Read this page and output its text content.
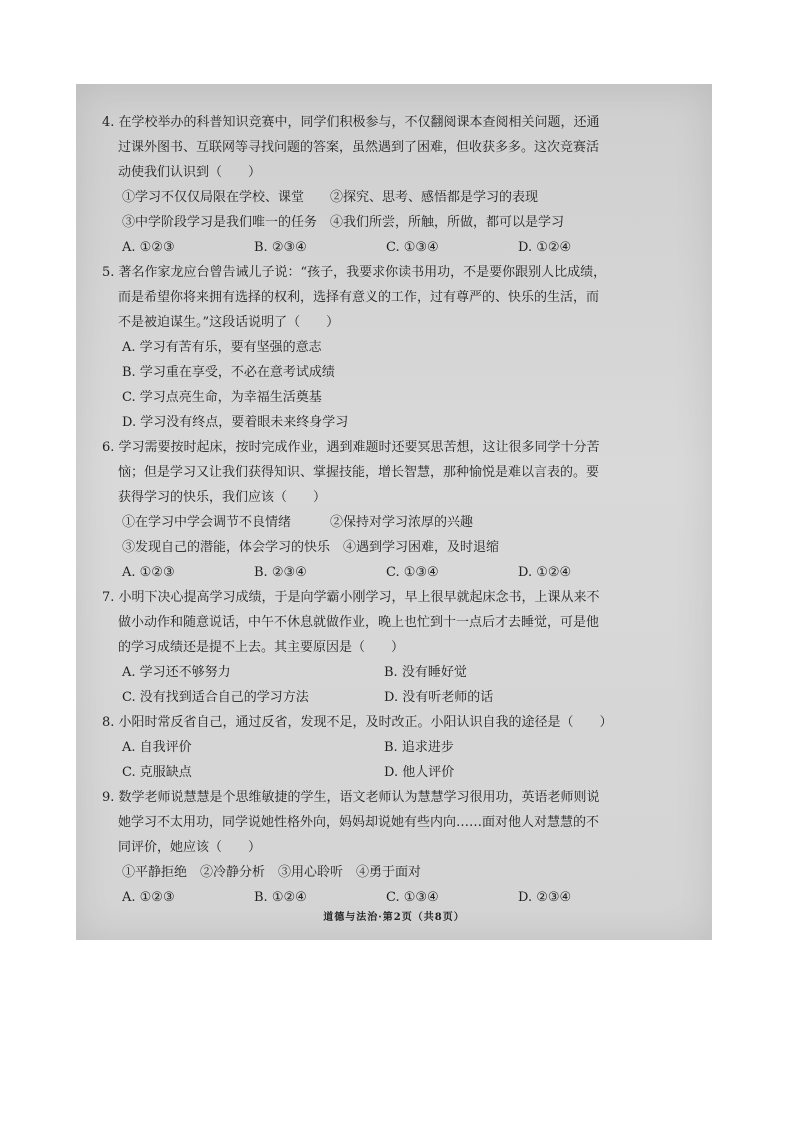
4. 在学校举办的科普知识竞赛中，同学们积极参与，不仅翻阅课本查阅相关问题，还通
过课外图书、互联网等寻找问题的答案，虽然遇到了困难，但收获多多。这次竞赛活
动使我们认识到（　　）
①学习不仅仅局限在学校、课堂　　②探究、思考、感悟都是学习的表现
③中学阶段学习是我们唯一的任务　④我们所尝，所触，所做，都可以是学习
A. ①②③	B. ②③④	C. ①③④	D. ①②④
5. 著名作家龙应台曾告诫儿子说：“孩子，我要求你读书用功，不是要你跟别人比成绩，
而是希望你将来拥有选择的权利，选择有意义的工作，过有尊严的、快乐的生活，而
不是被迫谋生。”这段话说明了（　　）
A. 学习有苦有乐，要有坚强的意志
B. 学习重在享受，不必在意考试成绩
C. 学习点亮生命，为幸福生活奠基
D. 学习没有终点，要着眼未来终身学习
6. 学习需要按时起床，按时完成作业，遇到难题时还要冥思苦想，这让很多同学十分苦
恼；但是学习又让我们获得知识、掌握技能，增长智慧，那种愉悦是难以言表的。要
获得学习的快乐，我们应该（　　）
①在学习中学会调节不良情绪　　　②保持对学习浓厚的兴趣
③发现自己的潜能，体会学习的快乐　④遇到学习困难，及时退缩
A. ①②③	B. ②③④	C. ①③④	D. ①②④
7. 小明下决心提高学习成绩，于是向学霸小刚学习，早上很早就起床念书，上课从来不
做小动作和随意说话，中午不休息就做作业，晚上也忙到十一点后才去睡觉，可是他
的学习成绩还是提不上去。其主要原因是（　　）
A. 学习还不够努力	B. 没有睡好觉
C. 没有找到适合自己的学习方法	D. 没有听老师的话
8. 小阳时常反省自己，通过反省，发现不足，及时改正。小阳认识自我的途径是（　　）
A. 自我评价	B. 追求进步
C. 克服缺点	D. 他人评价
9. 数学老师说慧慧是个思维敏捷的学生，语文老师认为慧慧学习很用功，英语老师则说
她学习不太用功，同学说她性格外向，妈妈却说她有些内向……面对他人对慧慧的不
同评价，她应该（　　）
①平静拒绝　②冷静分析　③用心聆听　④勇于面对
A. ①②③	B. ①②④	C. ①③④	D. ②③④
道德与法治·第2页（共8页）
